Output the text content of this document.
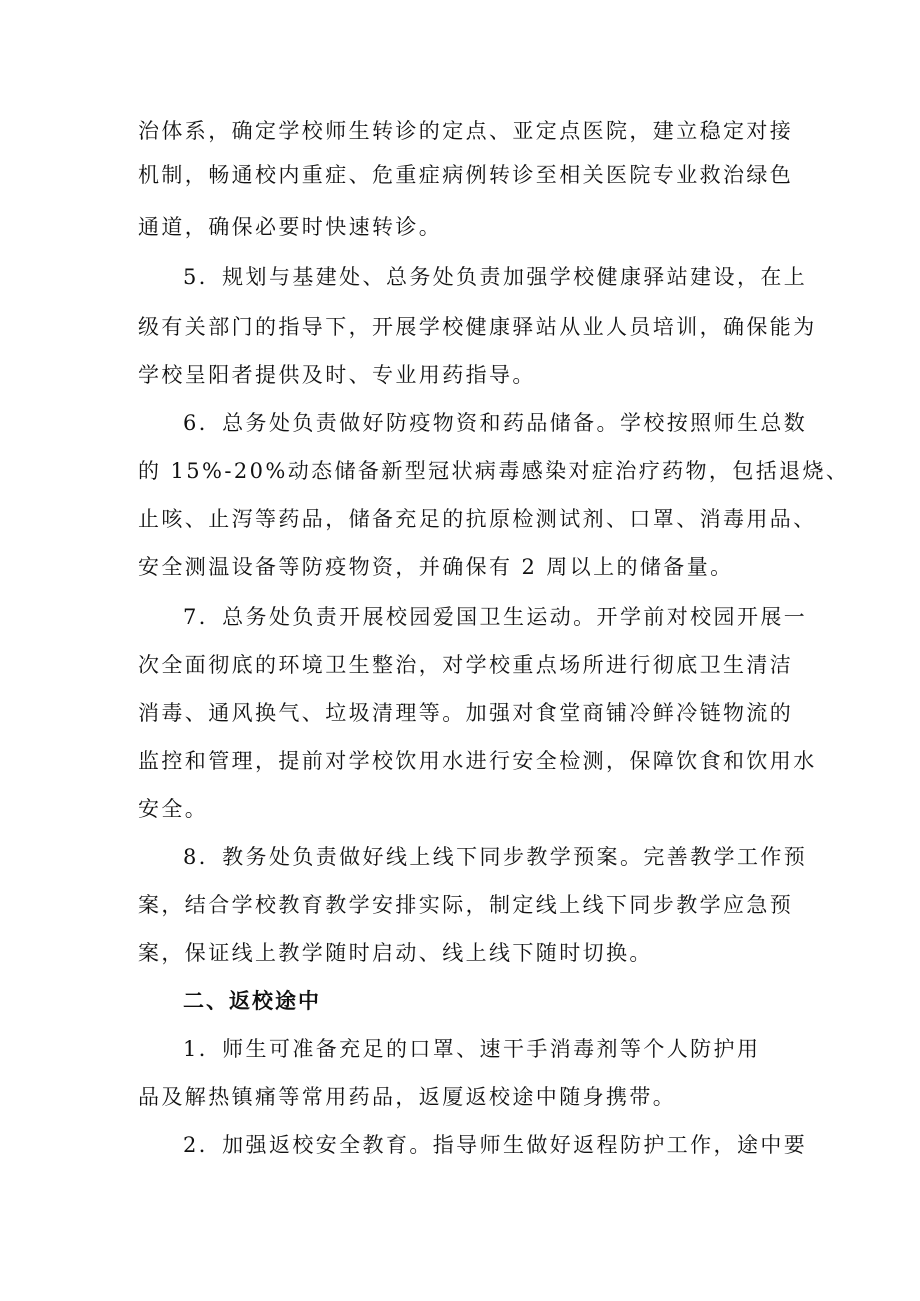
治体系，确定学校师生转诊的定点、亚定点医院，建立稳定对接
机制，畅通校内重症、危重症病例转诊至相关医院专业救治绿色
通道，确保必要时快速转诊。
5．规划与基建处、总务处负责加强学校健康驿站建设，在上
级有关部门的指导下，开展学校健康驿站从业人员培训，确保能为
学校呈阳者提供及时、专业用药指导。
6．总务处负责做好防疫物资和药品储备。学校按照师生总数
的 15%-20%动态储备新型冠状病毒感染对症治疗药物，包括退烧、
止咳、止泻等药品，储备充足的抗原检测试剂、口罩、消毒用品、
安全测温设备等防疫物资，并确保有 2 周以上的储备量。
7．总务处负责开展校园爱国卫生运动。开学前对校园开展一
次全面彻底的环境卫生整治，对学校重点场所进行彻底卫生清洁
消毒、通风换气、垃圾清理等。加强对食堂商铺冷鲜冷链物流的
监控和管理，提前对学校饮用水进行安全检测，保障饮食和饮用水
安全。
8．教务处负责做好线上线下同步教学预案。完善教学工作预
案，结合学校教育教学安排实际，制定线上线下同步教学应急预
案，保证线上教学随时启动、线上线下随时切换。
二、返校途中
1．师生可准备充足的口罩、速干手消毒剂等个人防护用
品及解热镇痛等常用药品，返厦返校途中随身携带。
2．加强返校安全教育。指导师生做好返程防护工作，途中要
